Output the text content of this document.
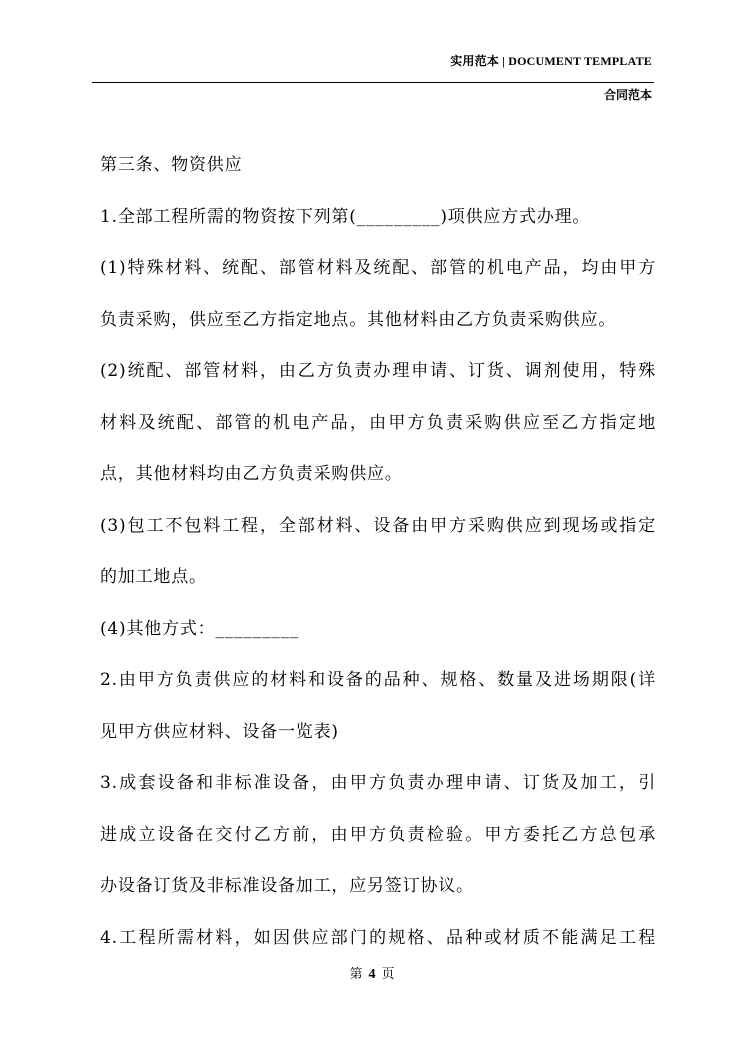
实用范本 | DOCUMENT TEMPLATE
合同范本
第三条、物资供应
1.全部工程所需的物资按下列第(_________)项供应方式办理。
(1)特殊材料、统配、部管材料及统配、部管的机电产品，均由甲方
负责采购，供应至乙方指定地点。其他材料由乙方负责采购供应。
(2)统配、部管材料，由乙方负责办理申请、订货、调剂使用，特殊
材料及统配、部管的机电产品，由甲方负责采购供应至乙方指定地
点，其他材料均由乙方负责采购供应。
(3)包工不包料工程，全部材料、设备由甲方采购供应到现场或指定
的加工地点。
(4)其他方式：_________
2.由甲方负责供应的材料和设备的品种、规格、数量及进场期限(详
见甲方供应材料、设备一览表)
3.成套设备和非标准设备，由甲方负责办理申请、订货及加工，引
进成立设备在交付乙方前，由甲方负责检验。甲方委托乙方总包承
办设备订货及非标准设备加工，应另签订协议。
4.工程所需材料，如因供应部门的规格、品种或材质不能满足工程
第 4 页
